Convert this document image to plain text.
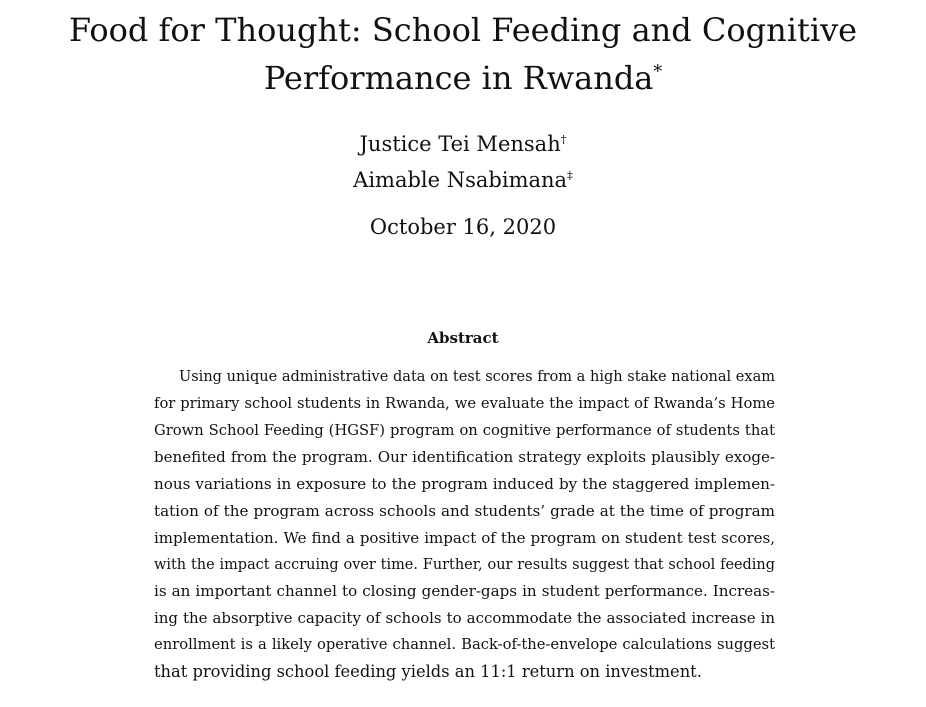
Food for Thought: School Feeding and Cognitive
Performance in Rwanda*
Justice Tei Mensah†
Aimable Nsabimana‡
October 16, 2020
Abstract
Using unique administrative data on test scores from a high stake national exam
for primary school students in Rwanda, we evaluate the impact of Rwanda’s Home
Grown School Feeding (HGSF) program on cognitive performance of students that
benefited from the program. Our identification strategy exploits plausibly exoge-
nous variations in exposure to the program induced by the staggered implemen-
tation of the program across schools and students’ grade at the time of program
implementation. We find a positive impact of the program on student test scores,
with the impact accruing over time. Further, our results suggest that school feeding
is an important channel to closing gender-gaps in student performance. Increas-
ing the absorptive capacity of schools to accommodate the associated increase in
enrollment is a likely operative channel. Back-of-the-envelope calculations suggest
that providing school feeding yields an 11:1 return on investment.
